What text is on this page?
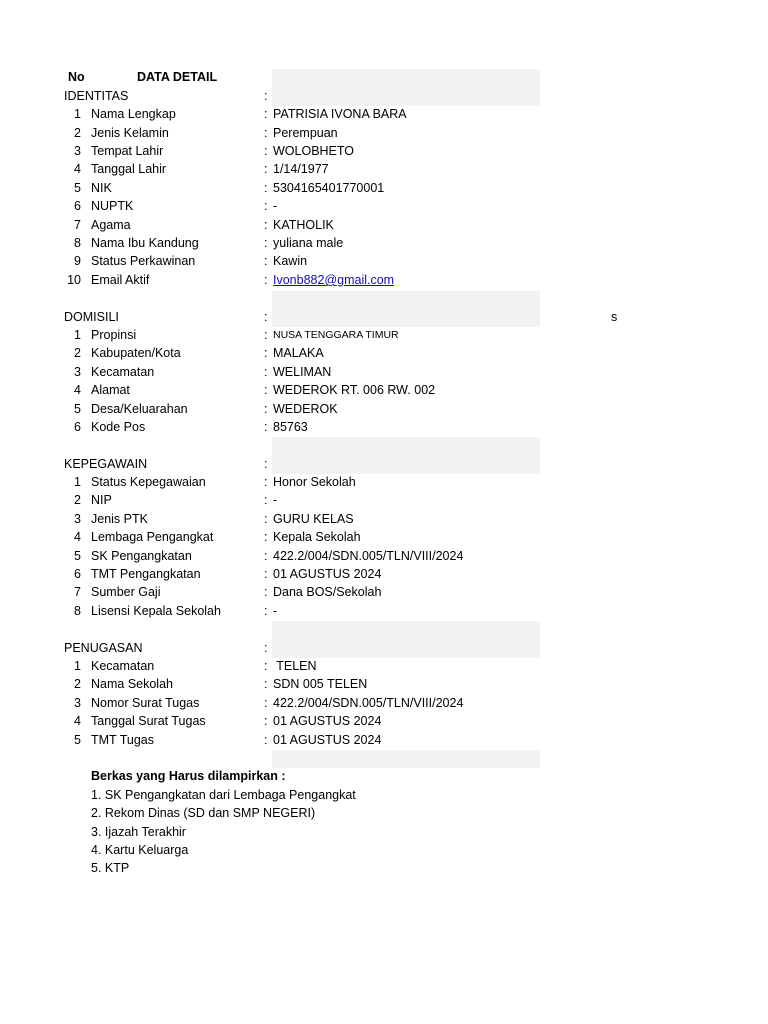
No	DATA DETAIL
IDENTITAS	:
1 Nama Lengkap	: PATRISIA IVONA BARA
2 Jenis Kelamin	: Perempuan
3 Tempat Lahir	: WOLOBHETO
4 Tanggal Lahir	: 1/14/1977
5 NIK	: 5304165401770001
6 NUPTK	: -
7 Agama	: KATHOLIK
8 Nama Ibu Kandung	: yuliana male
9 Status Perkawinan	: Kawin
10 Email Aktif	: Ivonb882@gmail.com
DOMISILI	:	s
1 Propinsi	: NUSA TENGGARA TIMUR
2 Kabupaten/Kota	: MALAKA
3 Kecamatan	: WELIMAN
4 Alamat	: WEDEROK RT. 006 RW. 002
5 Desa/Keluarahan	: WEDEROK
6 Kode Pos	: 85763
KEPEGAWAIN	:
1 Status Kepegawaian	: Honor Sekolah
2 NIP	: -
3 Jenis PTK	: GURU KELAS
4 Lembaga Pengangkat	: Kepala Sekolah
5 SK Pengangkatan	: 422.2/004/SDN.005/TLN/VIII/2024
6 TMT Pengangkatan	: 01 AGUSTUS 2024
7 Sumber Gaji	: Dana BOS/Sekolah
8 Lisensi Kepala Sekolah	: -
PENUGASAN	:
1 Kecamatan	: TELEN
2 Nama Sekolah	: SDN 005 TELEN
3 Nomor Surat Tugas	: 422.2/004/SDN.005/TLN/VIII/2024
4 Tanggal Surat Tugas	: 01 AGUSTUS 2024
5 TMT Tugas	: 01 AGUSTUS 2024
Berkas yang Harus dilampirkan :
1. SK Pengangkatan dari Lembaga Pengangkat
2. Rekom Dinas (SD dan SMP NEGERI)
3. Ijazah Terakhir
4. Kartu Keluarga
5. KTP
